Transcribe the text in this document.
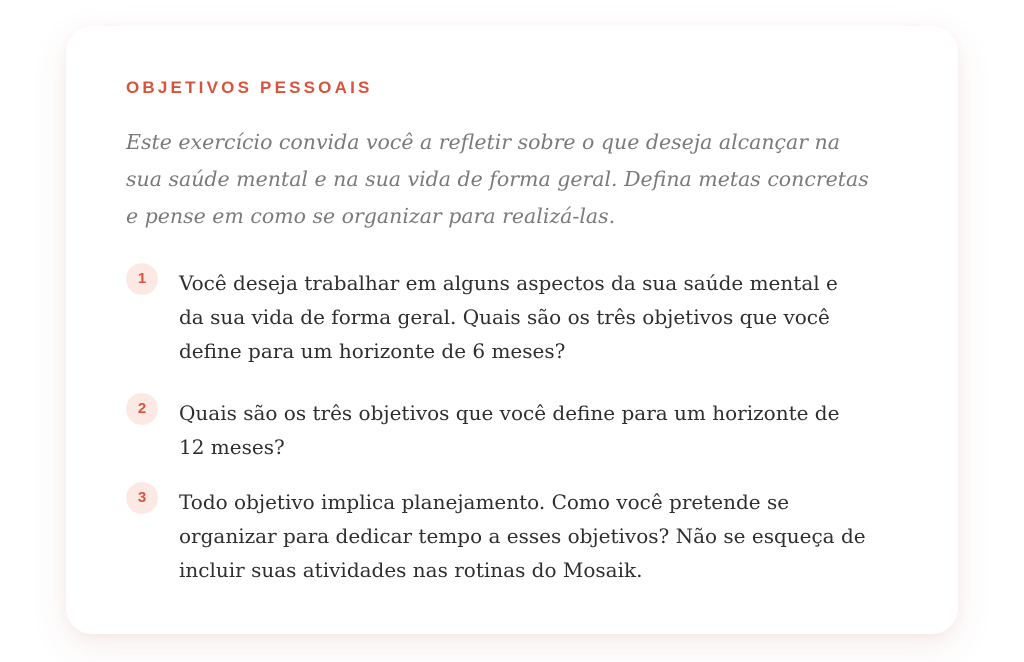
OBJETIVOS PESSOAIS

Este exercício convida você a refletir sobre o que deseja alcançar na
sua saúde mental e na sua vida de forma geral. Defina metas concretas
e pense em como se organizar para realizá-las.

1	Você deseja trabalhar em alguns aspectos da sua saúde mental e
da sua vida de forma geral. Quais são os três objetivos que você
define para um horizonte de 6 meses?

2	Quais são os três objetivos que você define para um horizonte de
12 meses?

3	Todo objetivo implica planejamento. Como você pretende se
organizar para dedicar tempo a esses objetivos? Não se esqueça de
incluir suas atividades nas rotinas do Mosaik.
